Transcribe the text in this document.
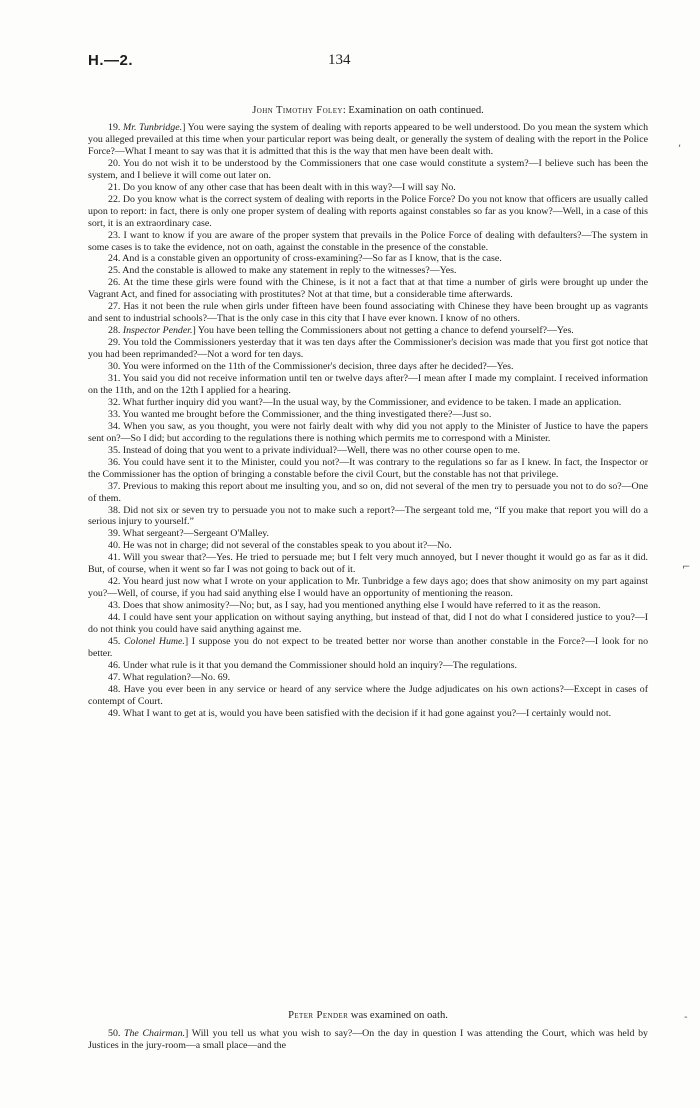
H.—2.	134
John Timothy Foley: Examination on oath continued.

19. Mr. Tunbridge.] You were saying the system of dealing with reports appeared to be well understood. Do you mean the system which you alleged prevailed at this time when your particular report was being dealt, or generally the system of dealing with the report in the Police Force?—What I meant to say was that it is admitted that this is the way that men have been dealt with.

20. You do not wish it to be understood by the Commissioners that one case would constitute a system?—I believe such has been the system, and I believe it will come out later on.

21. Do you know of any other case that has been dealt with in this way?—I will say No.

22. Do you know what is the correct system of dealing with reports in the Police Force? Do you not know that officers are usually called upon to report: in fact, there is only one proper system of dealing with reports against constables so far as you know?—Well, in a case of this sort, it is an extraordinary case.

23. I want to know if you are aware of the proper system that prevails in the Police Force of dealing with defaulters?—The system in some cases is to take the evidence, not on oath, against the constable in the presence of the constable.

24. And is a constable given an opportunity of cross-examining?—So far as I know, that is the case.

25. And the constable is allowed to make any statement in reply to the witnesses?—Yes.

26. At the time these girls were found with the Chinese, is it not a fact that at that time a number of girls were brought up under the Vagrant Act, and fined for associating with prostitutes? Not at that time, but a considerable time afterwards.

27. Has it not been the rule when girls under fifteen have been found associating with Chinese they have been brought up as vagrants and sent to industrial schools?—That is the only case in this city that I have ever known. I know of no others.

28. Inspector Pender.] You have been telling the Commissioners about not getting a chance to defend yourself?—Yes.

29. You told the Commissioners yesterday that it was ten days after the Commissioner's decision was made that you first got notice that you had been reprimanded?—Not a word for ten days.

30. You were informed on the 11th of the Commissioner's decision, three days after he decided?—Yes.

31. You said you did not receive information until ten or twelve days after?—I mean after I made my complaint. I received information on the 11th, and on the 12th I applied for a hearing.

32. What further inquiry did you want?—In the usual way, by the Commissioner, and evidence to be taken. I made an application.

33. You wanted me brought before the Commissioner, and the thing investigated there?—Just so.

34. When you saw, as you thought, you were not fairly dealt with why did you not apply to the Minister of Justice to have the papers sent on?—So I did; but according to the regulations there is nothing which permits me to correspond with a Minister.

35. Instead of doing that you went to a private individual?—Well, there was no other course open to me.

36. You could have sent it to the Minister, could you not?—It was contrary to the regulations so far as I knew. In fact, the Inspector or the Commissioner has the option of bringing a constable before the civil Court, but the constable has not that privilege.

37. Previous to making this report about me insulting you, and so on, did not several of the men try to persuade you not to do so?—One of them.

38. Did not six or seven try to persuade you not to make such a report?—The sergeant told me, “If you make that report you will do a serious injury to yourself.”

39. What sergeant?—Sergeant O'Malley.

40. He was not in charge; did not several of the constables speak to you about it?—No.

41. Will you swear that?—Yes. He tried to persuade me; but I felt very much annoyed, but I never thought it would go as far as it did. But, of course, when it went so far I was not going to back out of it.

42. You heard just now what I wrote on your application to Mr. Tunbridge a few days ago; does that show animosity on my part against you?—Well, of course, if you had said anything else I would have an opportunity of mentioning the reason.

43. Does that show animosity?—No; but, as I say, had you mentioned anything else I would have referred to it as the reason.

44. I could have sent your application on without saying anything, but instead of that, did I not do what I considered justice to you?—I do not think you could have said anything against me.

45. Colonel Hume.] I suppose you do not expect to be treated better nor worse than another constable in the Force?—I look for no better.

46. Under what rule is it that you demand the Commissioner should hold an inquiry?—The regulations.

47. What regulation?—No. 69.

48. Have you ever been in any service or heard of any service where the Judge adjudicates on his own actions?—Except in cases of contempt of Court.

49. What I want to get at is, would you have been satisfied with the decision if it had gone against you?—I certainly would not.

Peter Pender was examined on oath.

50. The Chairman.] Will you tell us what you wish to say?—On the day in question I was attending the Court, which was held by Justices in the jury-room—a small place—and the

,
⌐
-
